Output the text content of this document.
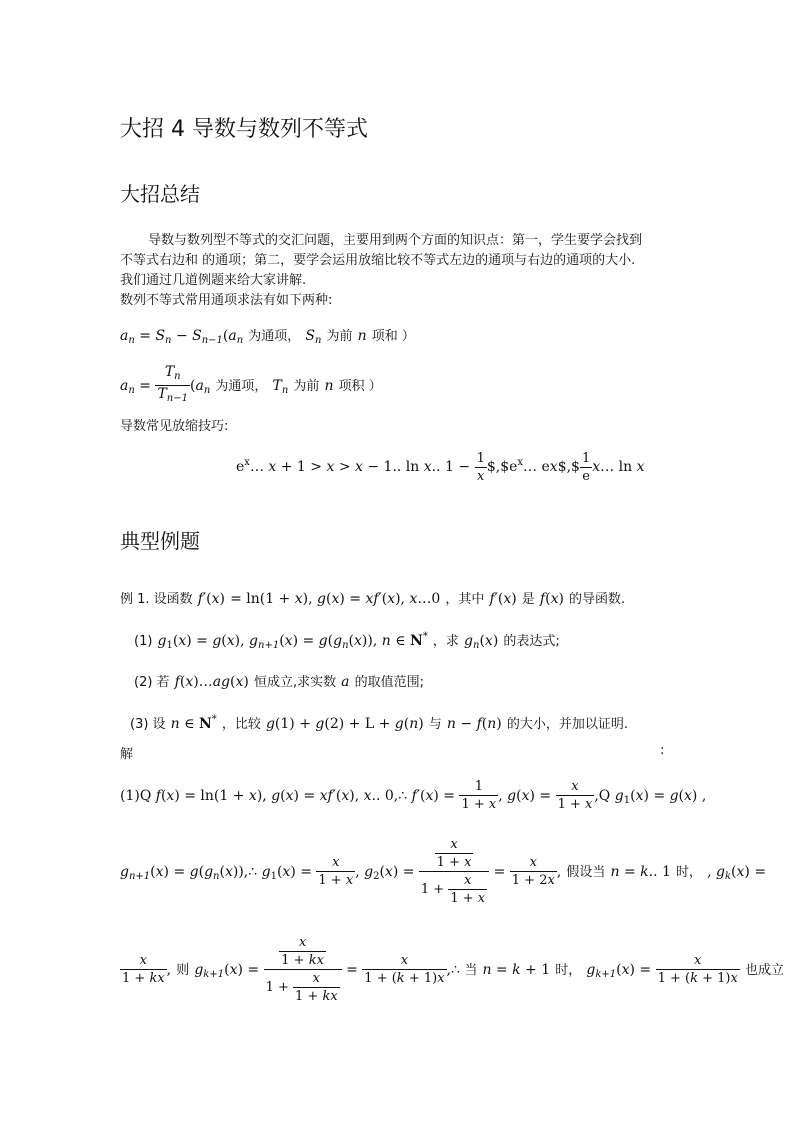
大招 4 导数与数列不等式
大招总结
导数与数列型不等式的交汇问题，主要用到两个方面的知识点：第一，学生要学会找到
不等式右边和 的通项；第二，要学会运用放缩比较不等式左边的通项与右边的通项的大小.
我们通过几道例题来给大家讲解.
数列不等式常用通项求法有如下两种:
$a_n = S_n - S_{n-1}(a_n$ 为通项， $S_n$ 为前 n 项和 ）
$a_n = \frac{T_n}{T_{n-1}} (a_n$ 为通项， $T_n$ 为前 n 项积 ）
导数常见放缩技巧:
$e^x\dots$ x + 1 > x > x − 1.. ln x.. $1 - \frac{1}{x}$ $\$,\$e^x\dots$ ex$,$ $\frac{1}{e}$ x… ln x
典型例题
例 1. 设函数 f′(x) = ln(1 + x), g(x) = xf′(x), x…0 ，其中 f′(x) 是 f(x) 的导函数.
(1) $g_1(x) = g(x)$, $g_{n+1}(x) = g(g_n(x))$, n ∈ N* ，求 $g_n(x)$ 的表达式;
(2) 若 f(x)…ag(x) 恒成立,求实数 a 的取值范围;
(3) 设 n ∈ N* ，比较 g(1) + g(2) + L + g(n) 与 n − f(n) 的大小，并加以证明.
解	:
(1)Q f(x) = ln(1 + x), g(x) = xf′(x), x.. 0,∴ $f'(x) = \frac{1}{1 + x}$ , $g(x) = \frac{x}{1 + x} ,Q$ $g_1(x) = g(x)$ ,
$g_{n+1}(x)$ = $g(g_n(x)),\therefore$ $g_1(x) = \frac{x}{1 + x}$ , $g_2(x) = \frac{\frac{x}{1 + x}}{1 + \frac{x}{1 + x}} = \frac{x}{1 + 2x}$ , 假设当 n = k.. 1 时， , $g_k(x)$ =
$\frac{x}{1 + kx}$ , 则 $g_{k+1}(x) = \frac{\frac{x}{1 + kx}}{1 + \frac{x}{1 + kx}} = \frac{x}{1 + (k + 1)x}$ ,∴ 当 n = k + 1 时， $g_{k+1}(x) = \frac{x}{1 + (k + 1)x}$ 也成立
